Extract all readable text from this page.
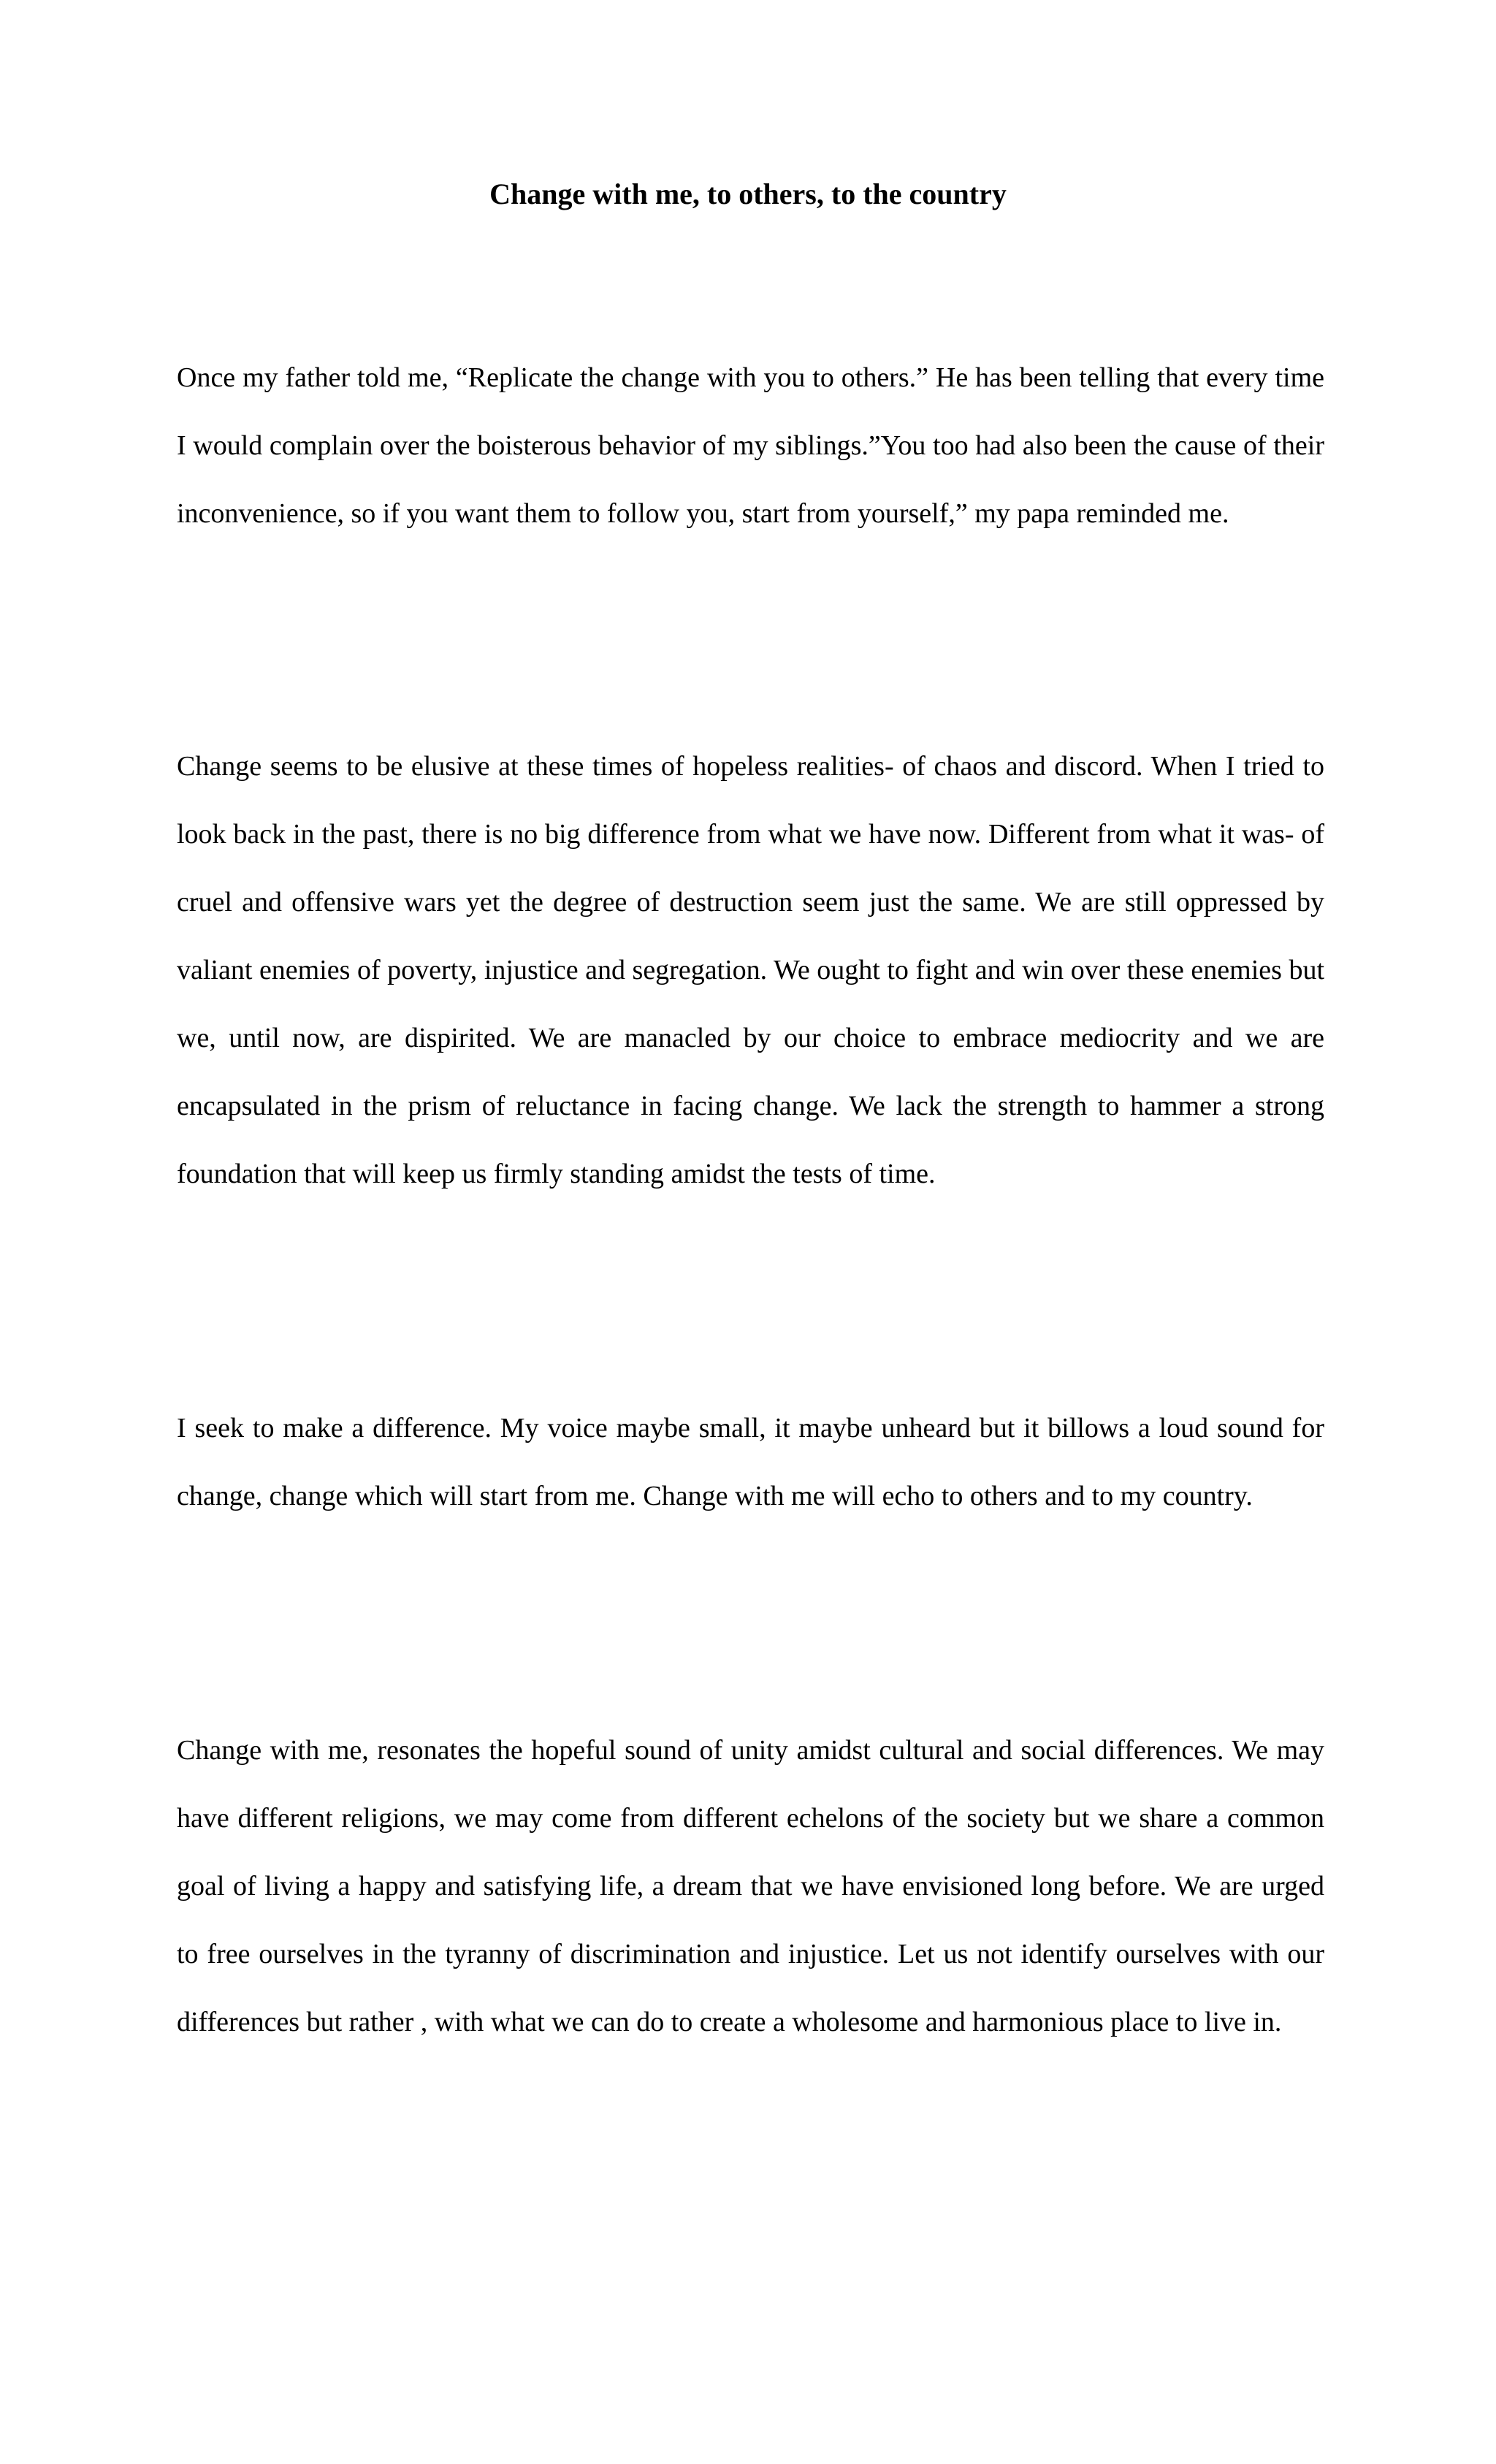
Change with me, to others, to the country

Once my father told me, “Replicate the change with you to others.” He has been telling that every time I would complain over the boisterous behavior of my siblings.”You too had also been the cause of their inconvenience, so if you want them to follow you, start from yourself,” my papa reminded me.

Change seems to be elusive at these times of hopeless realities- of chaos and discord. When I tried to look back in the past, there is no big difference from what we have now. Different from what it was- of cruel and offensive wars yet the degree of destruction seem just the same. We are still oppressed by valiant enemies of poverty, injustice and segregation. We ought to fight and win over these enemies but we, until now, are dispirited. We are manacled by our choice to embrace mediocrity and we are encapsulated in the prism of reluctance in facing change. We lack the strength to hammer a strong foundation that will keep us firmly standing amidst the tests of time.

I seek to make a difference. My voice maybe small, it maybe unheard but it billows a loud sound for change, change which will start from me. Change with me will echo to others and to my country.

Change with me, resonates the hopeful sound of unity amidst cultural and social differences. We may have different religions, we may come from different echelons of the society but we share a common goal of living a happy and satisfying life, a dream that we have envisioned long before. We are urged to free ourselves in the tyranny of discrimination and injustice. Let us not identify ourselves with our differences but rather , with what we can do to create a wholesome and harmonious place to live in.
